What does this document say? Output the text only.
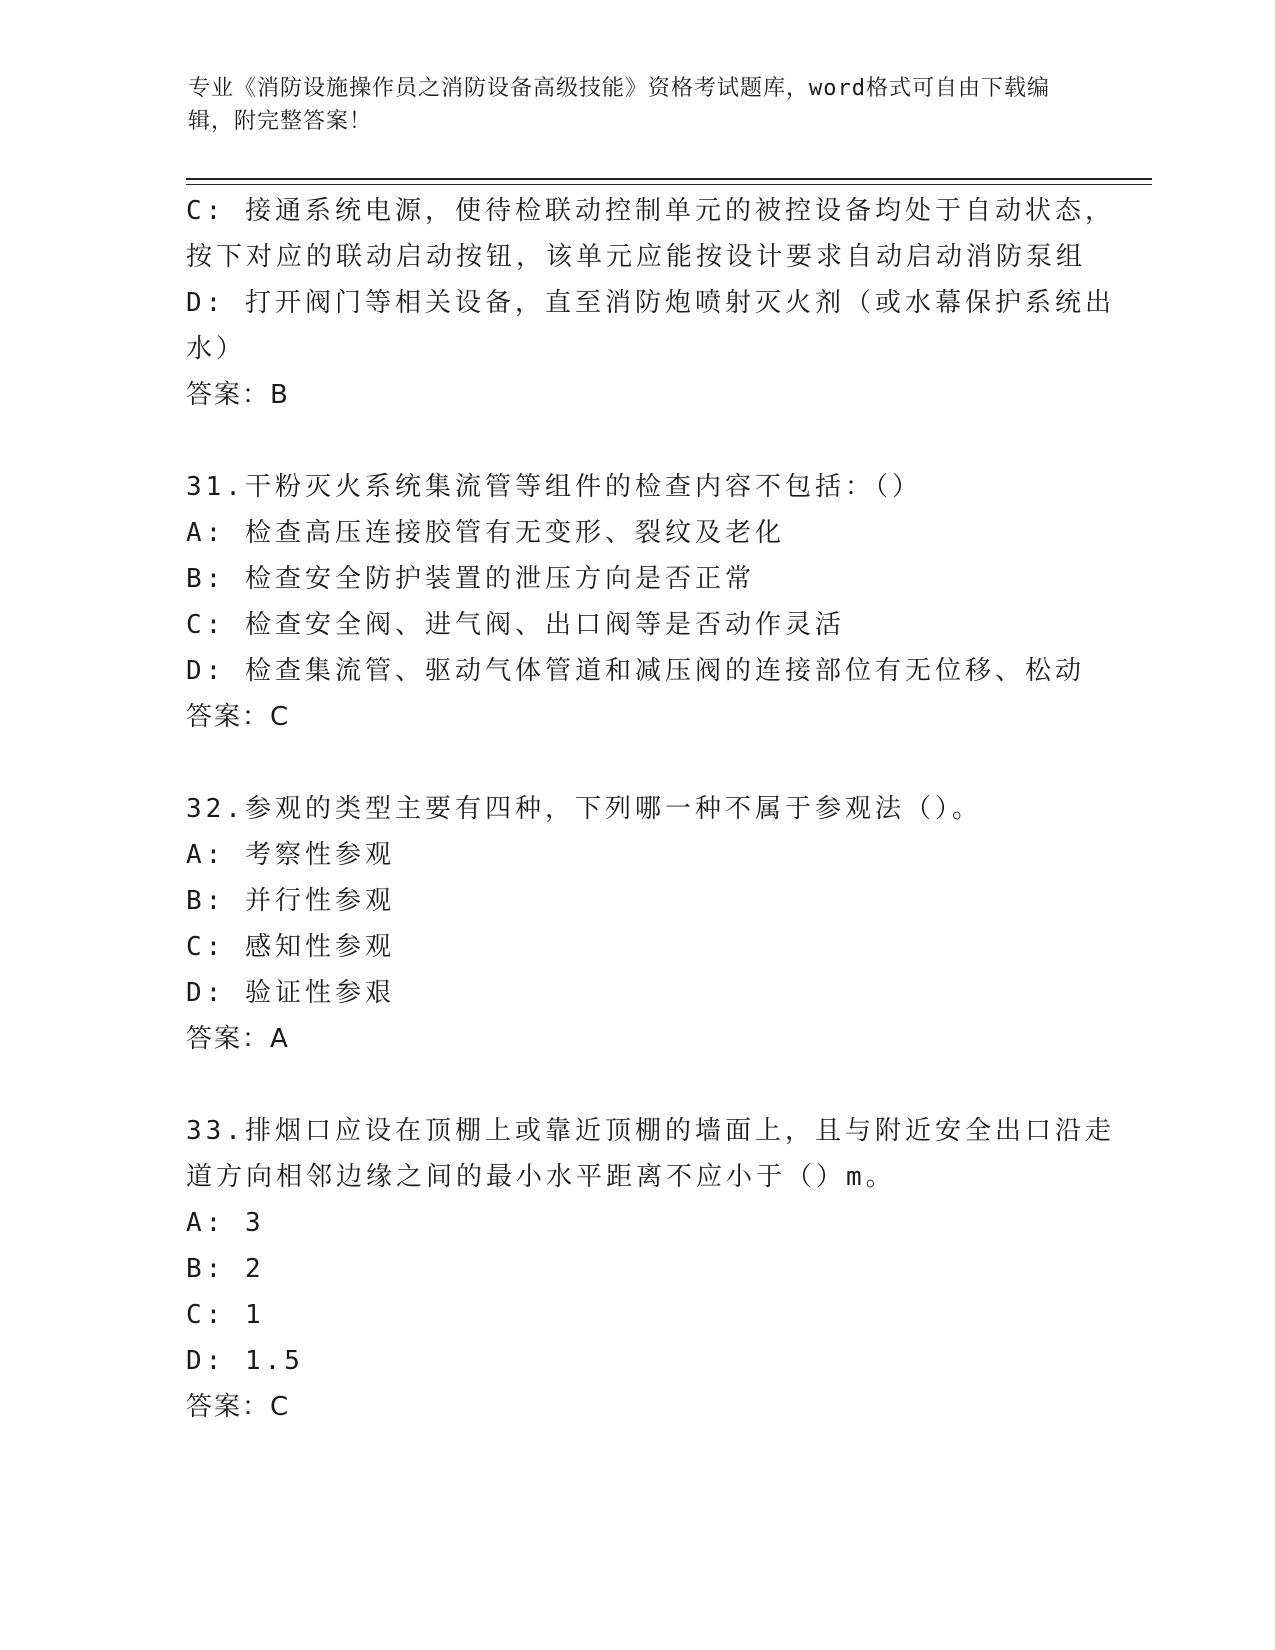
专业《消防设施操作员之消防设备高级技能》资格考试题库，word格式可自由下载编辑，附完整答案！
C: 接通系统电源，使待检联动控制单元的被控设备均处于自动状态，
按下对应的联动启动按钮，该单元应能按设计要求自动启动消防泵组
D: 打开阀门等相关设备，直至消防炮喷射灭火剂（或水幕保护系统出
水）
答案：B
31.干粉灭火系统集流管等组件的检查内容不包括：（）
A: 检查高压连接胶管有无变形、裂纹及老化
B: 检查安全防护装置的泄压方向是否正常
C: 检查安全阀、进气阀、出口阀等是否动作灵活
D: 检查集流管、驱动气体管道和减压阀的连接部位有无位移、松动
答案：C
32.参观的类型主要有四种，下列哪一种不属于参观法（）。
A: 考察性参观
B: 并行性参观
C: 感知性参观
D: 验证性参艰
答案：A
33.排烟口应设在顶棚上或靠近顶棚的墙面上，且与附近安全出口沿走
道方向相邻边缘之间的最小水平距离不应小于（）m。
A: 3
B: 2
C: 1
D: 1.5
答案：C
